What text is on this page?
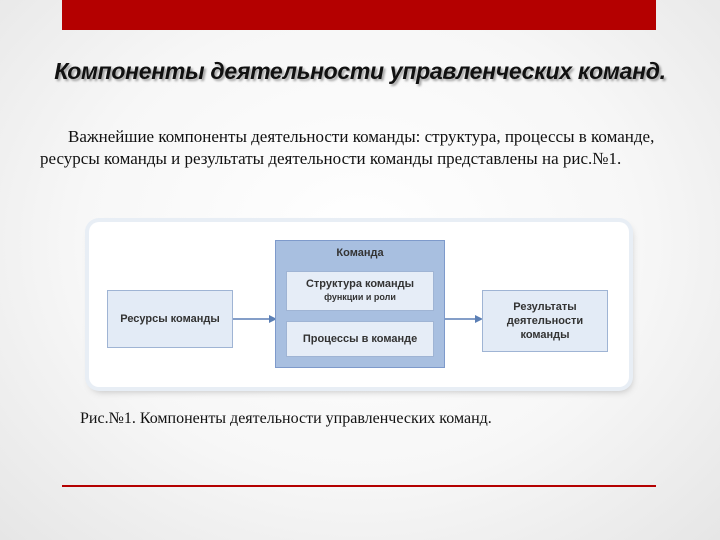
Компоненты деятельности управленческих команд.
Важнейшие компоненты деятельности команды: структура, процессы в команде,
ресурсы команды и результаты деятельности команды представлены на рис.№1.
Ресурсы команды
Команда
Структура команды
функции и роли
Процессы в команде
Результаты
деятельности
команды
Рис.№1. Компоненты деятельности управленческих команд.
